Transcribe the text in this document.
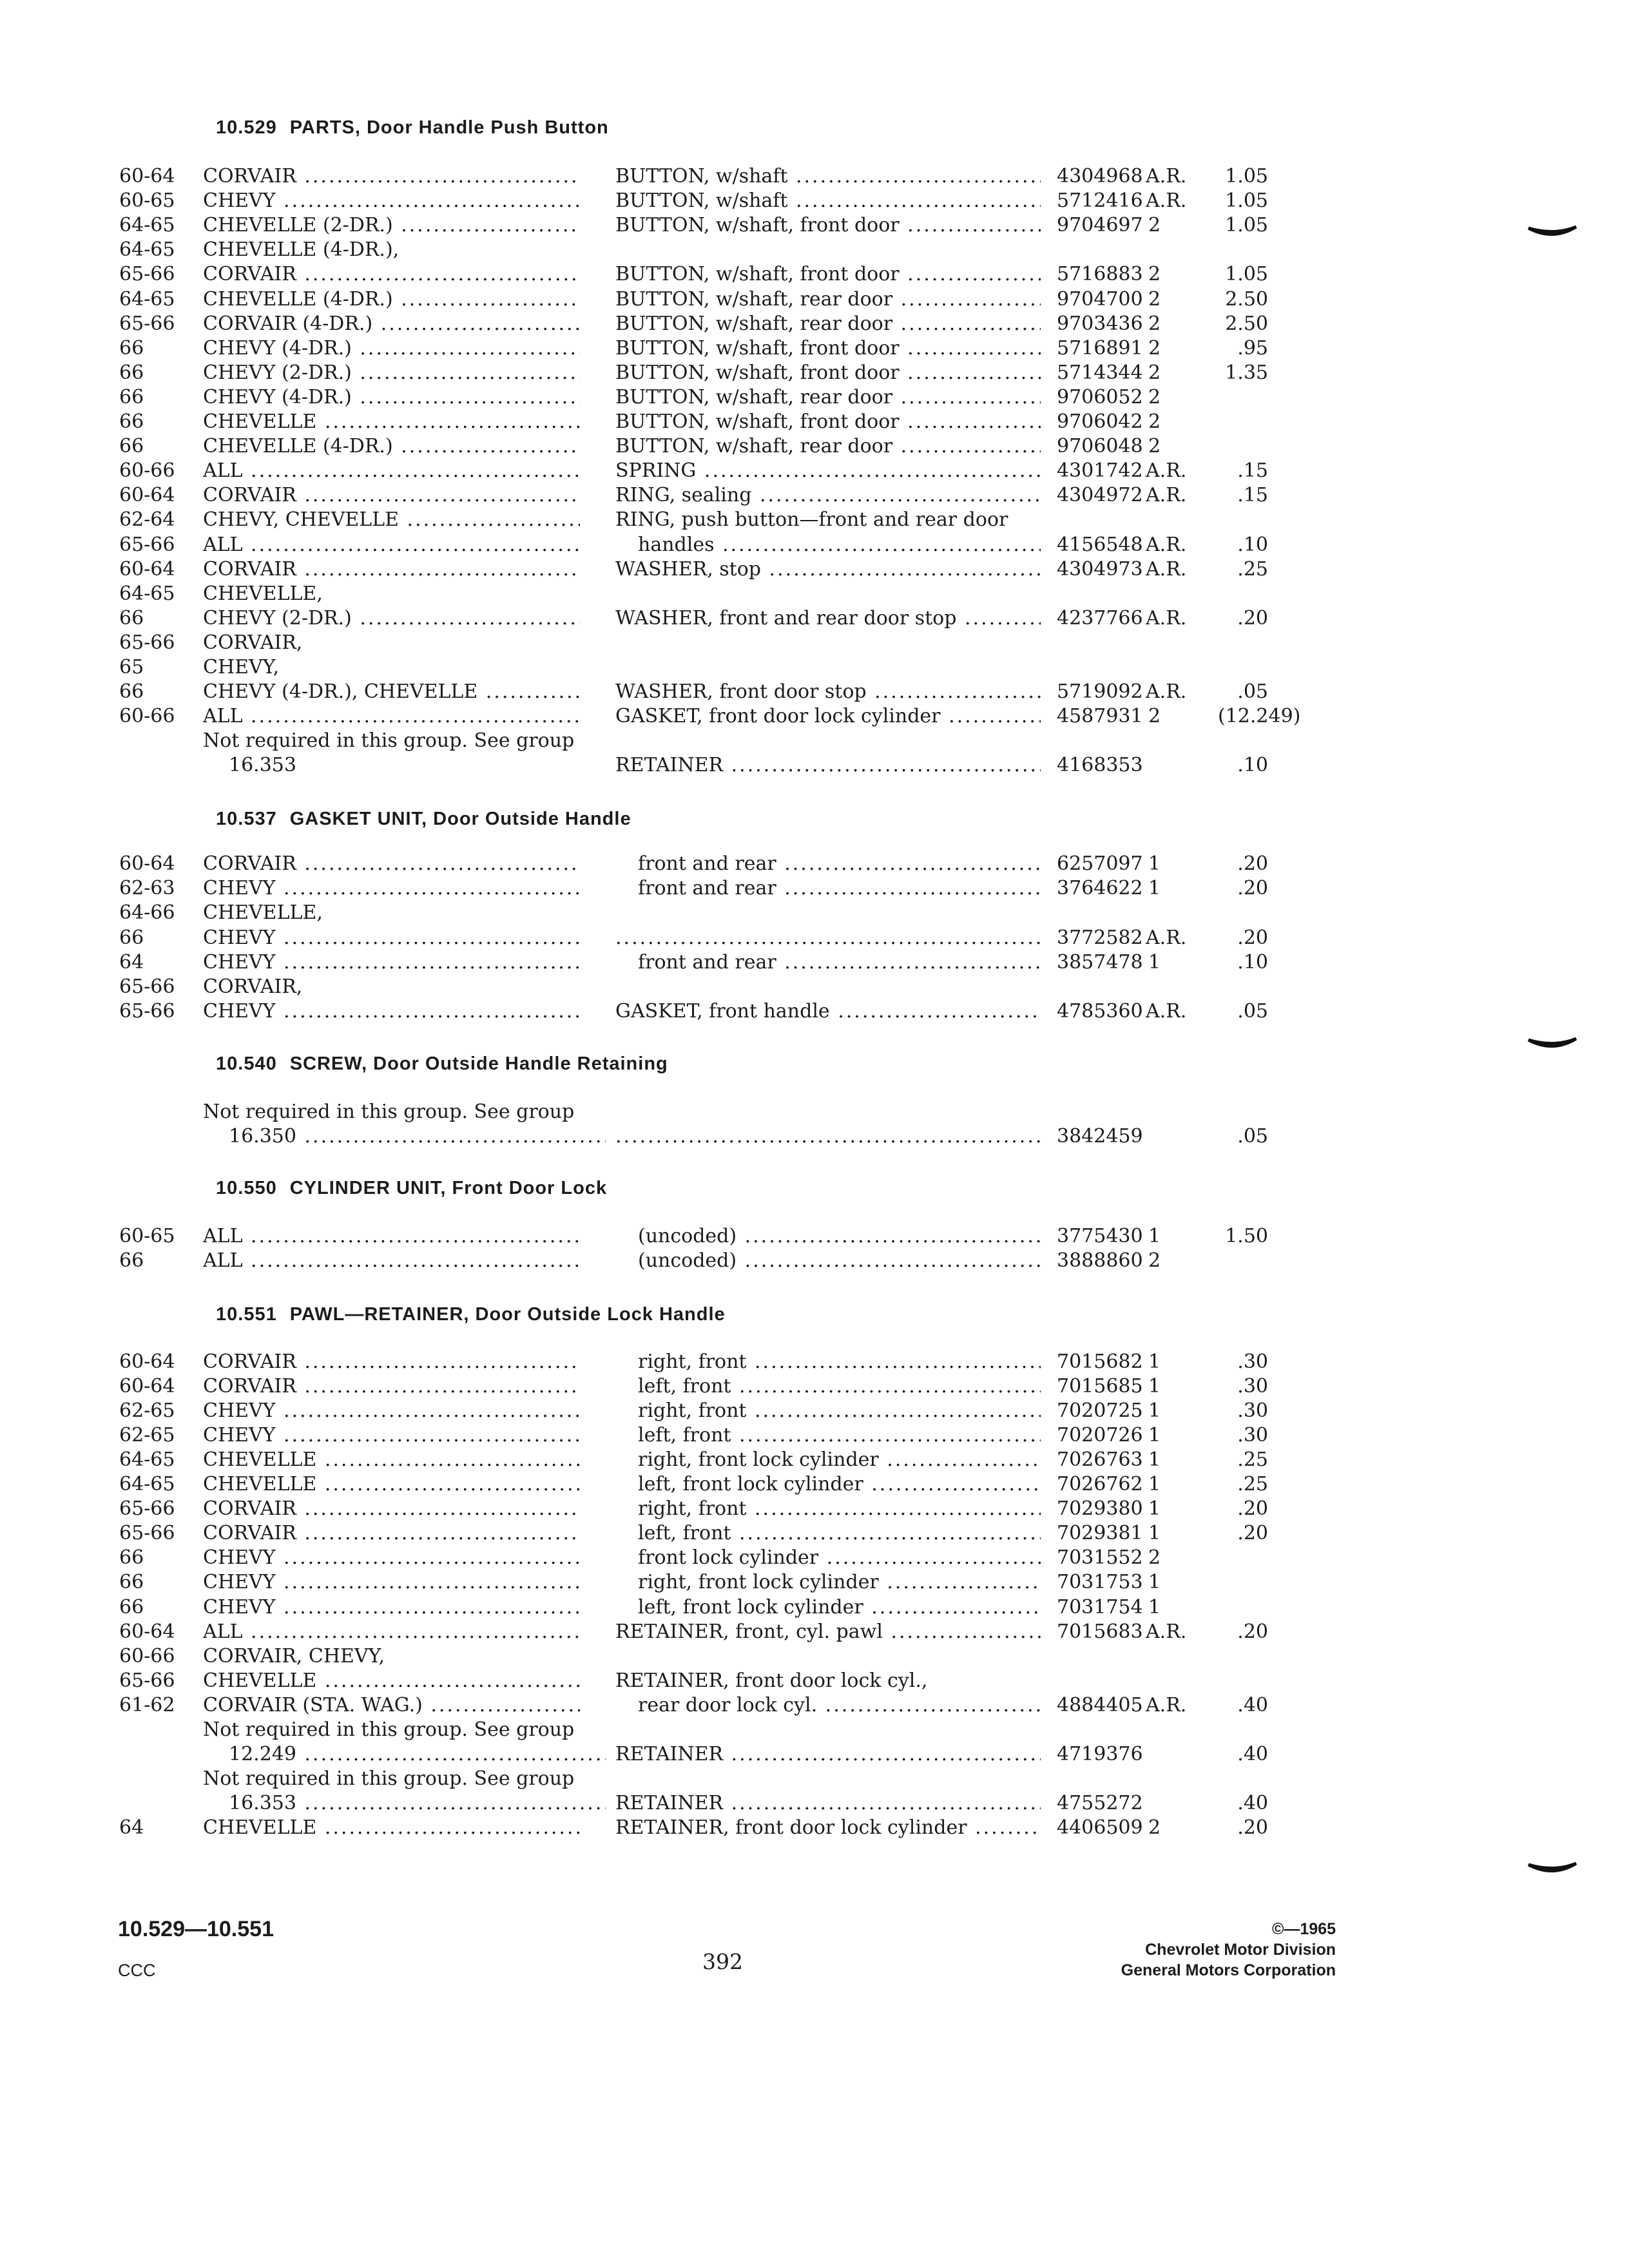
10.529 PARTS, Door Handle Push Button
60-64	CORVAIR .....	BUTTON, w/shaft .....	4304968 A.R. 1.05
60-65	CHEVY .....	BUTTON, w/shaft .....	5712416 A.R. 1.05
64-65	CHEVELLE (2-DR.) .....	BUTTON, w/shaft, front door .....	9704697 2	1.05
64-65	CHEVELLE (4-DR.),
65-66	CORVAIR .....	BUTTON, w/shaft, front door .....	5716883 2	1.05
64-65	CHEVELLE (4-DR.) .....	BUTTON, w/shaft, rear door .....	9704700 2	2.50
65-66	CORVAIR (4-DR.) .....	BUTTON, w/shaft, rear door .....	9703436 2	2.50
66	CHEVY (4-DR.) .....	BUTTON, w/shaft, front door .....	5716891 2	.95
66	CHEVY (2-DR.) .....	BUTTON, w/shaft, front door .....	5714344 2	1.35
66	CHEVY (4-DR.) .....	BUTTON, w/shaft, rear door .....	9706052 2
66	CHEVELLE .....	BUTTON, w/shaft, front door .....	9706042 2
66	CHEVELLE (4-DR.) .....	BUTTON, w/shaft, rear door .....	9706048 2
60-66	ALL .....	SPRING .....	4301742 A.R.	.15
60-64	CORVAIR .....	RING, sealing .....	4304972 A.R.	.15
62-64	CHEVY, CHEVELLE .....	RING, push button—front and rear door
65-66	ALL .....	handles .....	4156548 A.R.	.10
60-64	CORVAIR .....	WASHER, stop .....	4304973 A.R.	.25
64-65	CHEVELLE,
66	CHEVY (2-DR.) .....	WASHER, front and rear door stop .....	4237766 A.R.	.20
65-66	CORVAIR,
65	CHEVY,
66	CHEVY (4-DR.), CHEVELLE .....	WASHER, front door stop .....	5719092 A.R.	.05
60-66	ALL .....	GASKET, front door lock cylinder .....	4587931 2	(12.249)
Not required in this group. See group
16.353	RETAINER .....	4168353	.10
10.537 GASKET UNIT, Door Outside Handle
60-64	CORVAIR .....	front and rear .....	6257097 1	.20
62-63	CHEVY .....	front and rear .....	3764622 1	.20
64-66	CHEVELLE,
66	CHEVY ..... .....	3772582 A.R.	.20
64	CHEVY .....	front and rear .....	3857478 1	.10
65-66	CORVAIR,
65-66	CHEVY .....	GASKET, front handle .....	4785360 A.R.	.05
10.540 SCREW, Door Outside Handle Retaining
Not required in this group. See group
16.350 ..... .....	3842459	.05
10.550 CYLINDER UNIT, Front Door Lock
60-65	ALL .....	(uncoded) .....	3775430 1	1.50
66	ALL .....	(uncoded) .....	3888860 2
10.551 PAWL—RETAINER, Door Outside Lock Handle
60-64	CORVAIR .....	right, front .....	7015682 1	.30
60-64	CORVAIR .....	left, front .....	7015685 1	.30
62-65	CHEVY .....	right, front .....	7020725 1	.30
62-65	CHEVY .....	left, front .....	7020726 1	.30
64-65	CHEVELLE .....	right, front lock cylinder .....	7026763 1	.25
64-65	CHEVELLE .....	left, front lock cylinder .....	7026762 1	.25
65-66	CORVAIR .....	right, front .....	7029380 1	.20
65-66	CORVAIR .....	left, front .....	7029381 1	.20
66	CHEVY .....	front lock cylinder .....	7031552 2
66	CHEVY .....	right, front lock cylinder .....	7031753 1
66	CHEVY .....	left, front lock cylinder .....	7031754 1
60-64	ALL .....	RETAINER, front, cyl. pawl .....	7015683 A.R.	.20
60-66	CORVAIR, CHEVY,
65-66	CHEVELLE .....	RETAINER, front door lock cyl.,
61-62	CORVAIR (STA. WAG.) .....	rear door lock cyl. .....	4884405 A.R.	.40
Not required in this group. See group
12.249 .....	RETAINER .....	4719376	.40
Not required in this group. See group
16.353 .....	RETAINER .....	4755272	.40
64	CHEVELLE .....	RETAINER, front door lock cylinder .....	4406509 2	.20
10.529—10.551
CCC	392
©—1965
Chevrolet Motor Division
General Motors Corporation
